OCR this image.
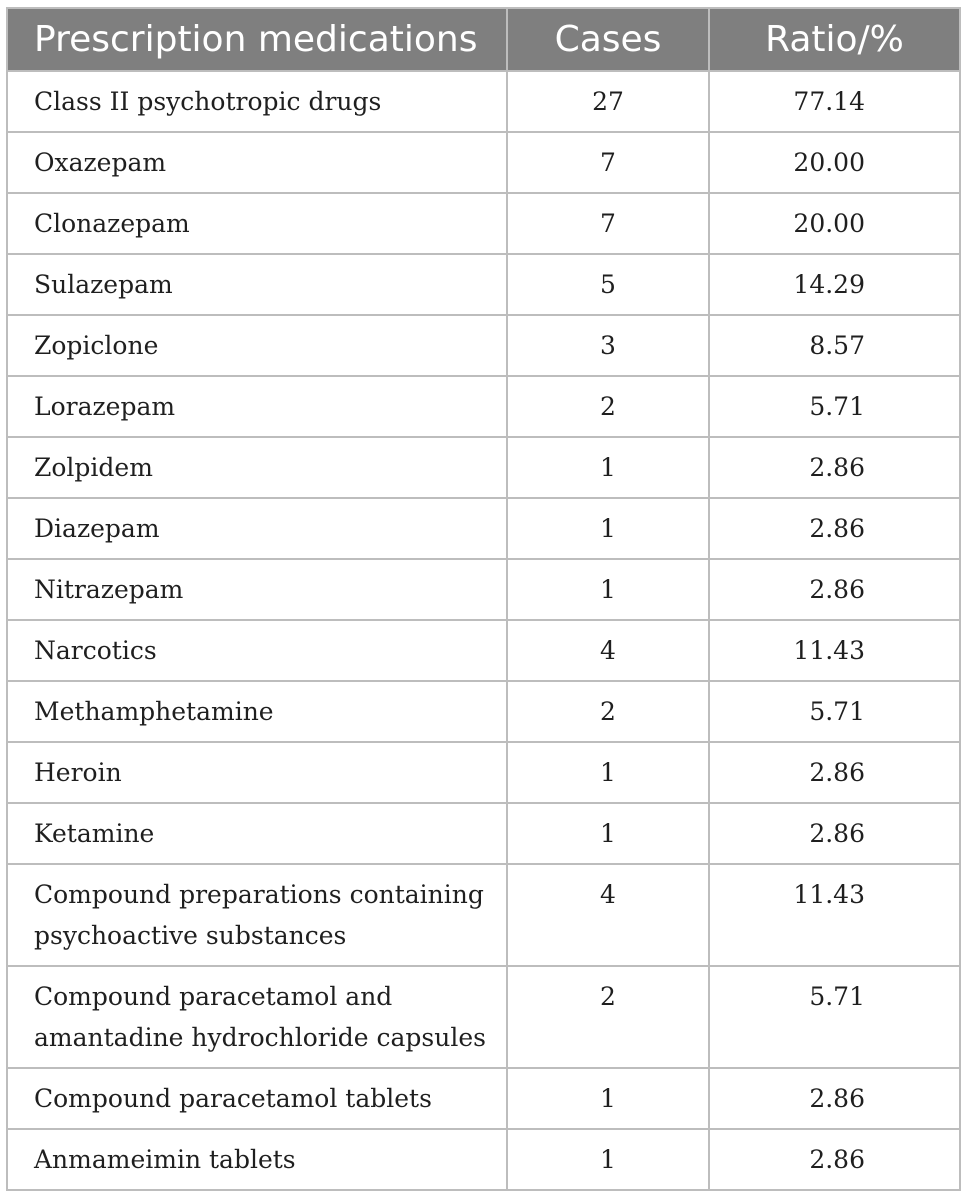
Prescription medications	Cases	Ratio/%

Class II psychotropic drugs	27	77.14

Oxazepam	7	20.00

Clonazepam	7	20.00

Sulazepam	5	14.29

Zopiclone	3	8.57

Lorazepam	2	5.71

Zolpidem	1	2.86

Diazepam	1	2.86

Nitrazepam	1	2.86

Narcotics	4	11.43

Methamphetamine	2	5.71

Heroin	1	2.86

Ketamine	1	2.86

Compound preparations containing psychoactive substances	4	11.43

Compound paracetamol and amantadine hydrochloride capsules	2	5.71

Compound paracetamol tablets	1	2.86

Anmameimin tablets	1	2.86
